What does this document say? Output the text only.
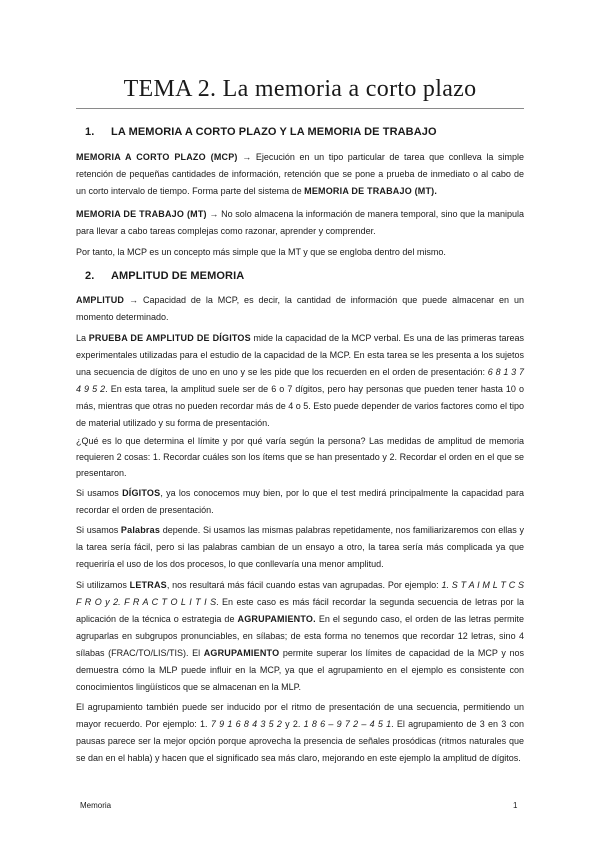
TEMA 2. La memoria a corto plazo
1. LA MEMORIA A CORTO PLAZO Y LA MEMORIA DE TRABAJO
MEMORIA A CORTO PLAZO (MCP) → Ejecución en un tipo particular de tarea que conlleva la simple retención de pequeñas cantidades de información, retención que se pone a prueba de inmediato o al cabo de un corto intervalo de tiempo. Forma parte del sistema de MEMORIA DE TRABAJO (MT).
MEMORIA DE TRABAJO (MT) → No solo almacena la información de manera temporal, sino que la manipula para llevar a cabo tareas complejas como razonar, aprender y comprender.
Por tanto, la MCP es un concepto más simple que la MT y que se engloba dentro del mismo.
2. AMPLITUD DE MEMORIA
AMPLITUD → Capacidad de la MCP, es decir, la cantidad de información que puede almacenar en un momento determinado.
La PRUEBA DE AMPLITUD DE DÍGITOS mide la capacidad de la MCP verbal. Es una de las primeras tareas experimentales utilizadas para el estudio de la capacidad de la MCP. En esta tarea se les presenta a los sujetos una secuencia de dígitos de uno en uno y se les pide que los recuerden en el orden de presentación: 6 8 1 3 7 4 9 5 2. En esta tarea, la amplitud suele ser de 6 o 7 dígitos, pero hay personas que pueden tener hasta 10 o más, mientras que otras no pueden recordar más de 4 o 5. Esto puede depender de varios factores como el tipo de material utilizado y su forma de presentación.
¿Qué es lo que determina el límite y por qué varía según la persona? Las medidas de amplitud de memoria requieren 2 cosas: 1. Recordar cuáles son los ítems que se han presentado y 2. Recordar el orden en el que se presentaron.
Si usamos DÍGITOS, ya los conocemos muy bien, por lo que el test medirá principalmente la capacidad para recordar el orden de presentación.
Si usamos Palabras depende. Si usamos las mismas palabras repetidamente, nos familiarizaremos con ellas y la tarea sería fácil, pero si las palabras cambian de un ensayo a otro, la tarea sería más complicada ya que requeriría el uso de los dos procesos, lo que conllevaría una menor amplitud.
Si utilizamos LETRAS, nos resultará más fácil cuando estas van agrupadas. Por ejemplo: 1. S T A I M L T C S F R O y 2. F R A C T O L I T I S. En este caso es más fácil recordar la segunda secuencia de letras por la aplicación de la técnica o estrategia de AGRUPAMIENTO. En el segundo caso, el orden de las letras permite agruparlas en subgrupos pronunciables, en sílabas; de esta forma no tenemos que recordar 12 letras, sino 4 sílabas (FRAC/TO/LIS/TIS). El AGRUPAMIENTO permite superar los límites de capacidad de la MCP y nos demuestra cómo la MLP puede influir en la MCP, ya que el agrupamiento en el ejemplo es consistente con conocimientos lingüísticos que se almacenan en la MLP.
El agrupamiento también puede ser inducido por el ritmo de presentación de una secuencia, permitiendo un mayor recuerdo. Por ejemplo: 1. 7 9 1 6 8 4 3 5 2 y 2. 1 8 6 – 9 7 2 – 4 5 1. El agrupamiento de 3 en 3 con pausas parece ser la mejor opción porque aprovecha la presencia de señales prosódicas (ritmos naturales que se dan en el habla) y hacen que el significado sea más claro, mejorando en este ejemplo la amplitud de dígitos.
Memoria	1
